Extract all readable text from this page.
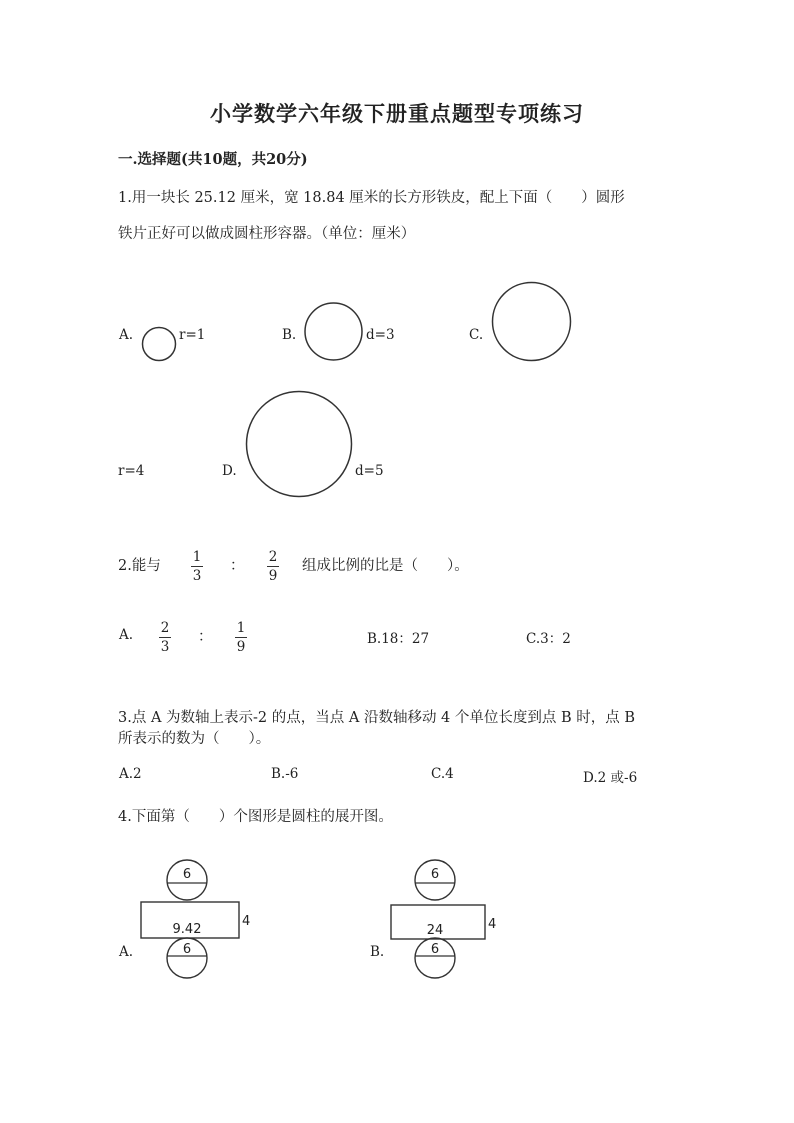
小学数学六年级下册重点题型专项练习
一.选择题(共10题，共20分)
1.用一块长 25.12 厘米，宽 18.84 厘米的长方形铁皮，配上下面（　　）圆形
铁片正好可以做成圆柱形容器。（单位：厘米）
A.	r=1	B.	d=3	C.
r=4	D.	d=5
2.能与
1
3
：
2
9
组成比例的比是（　　）。
A. 2
3
：
1
9	B.18：27	C.3：2
3.点 A 为数轴上表示-2 的点，当点 A 沿数轴移动 4 个单位长度到点 B 时，点 B
所表示的数为（　　）。
A.2	B.-6	C.4	D.2 或-6
4.下面第（　　）个图形是圆柱的展开图。
A.
6
9.42
4
6	B.
6
24	4
6
